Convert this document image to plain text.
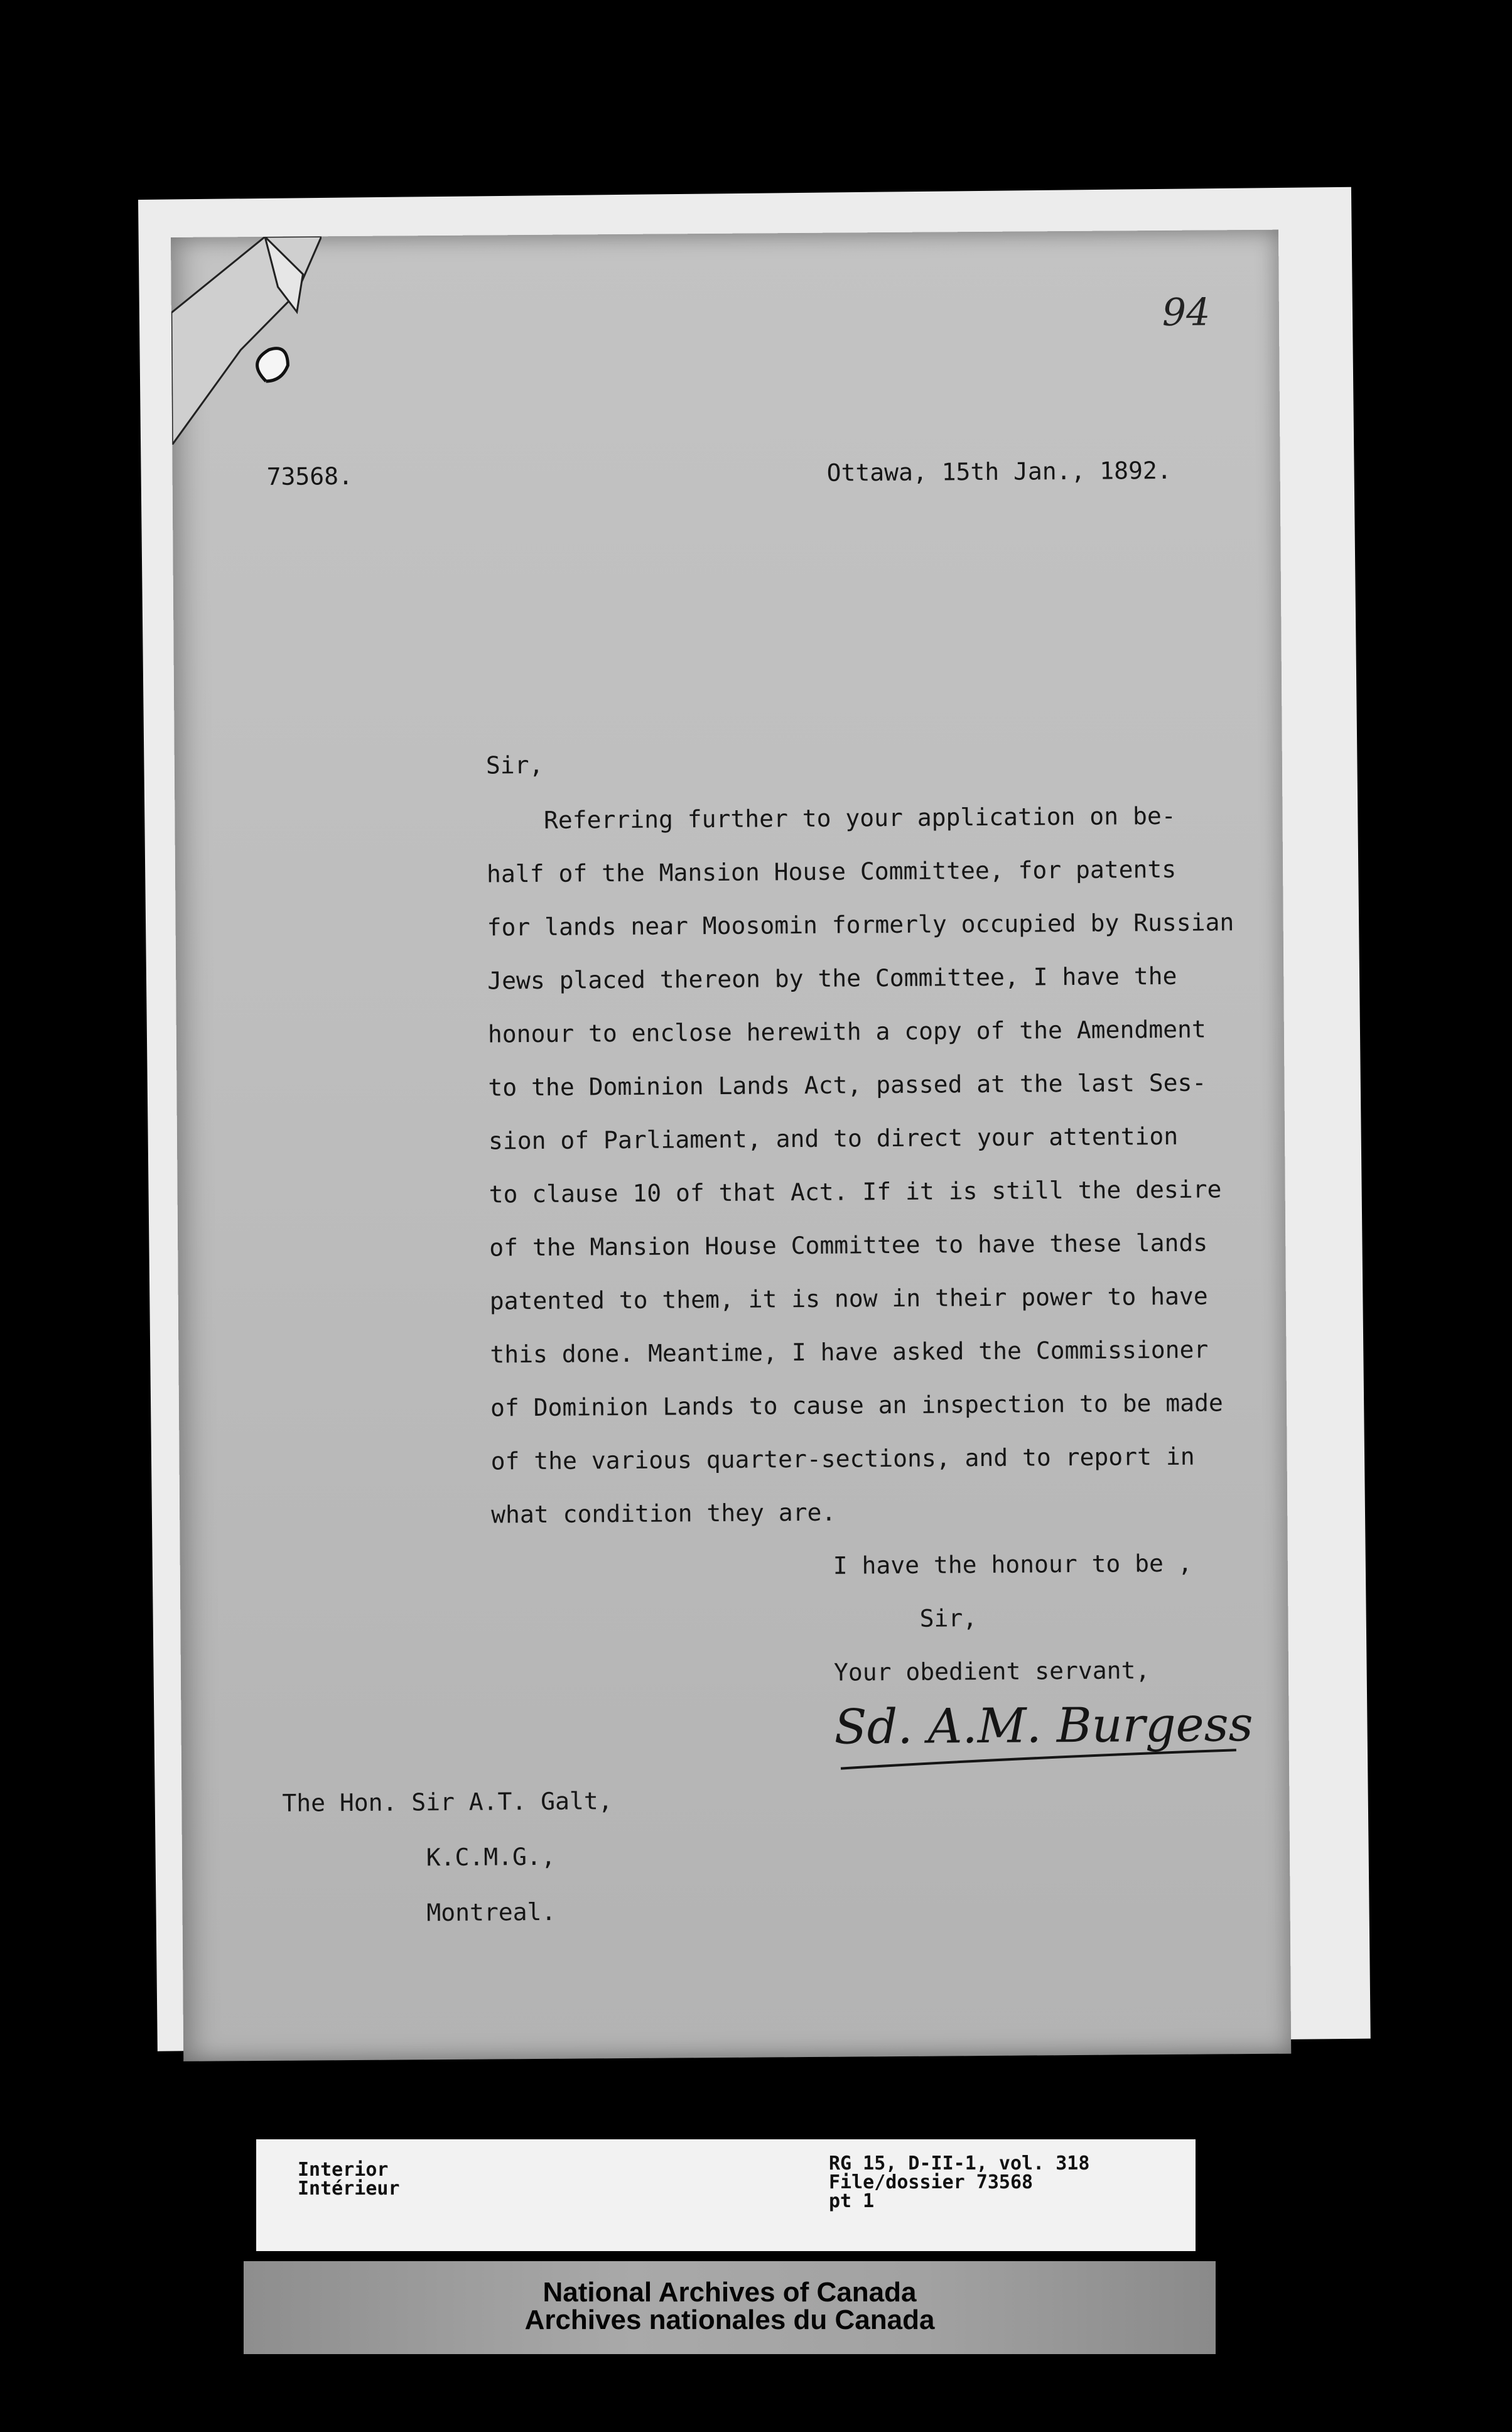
94
73568.	Ottawa, 15th Jan., 1892.
Sir,
Referring further to your application on be-
half of the Mansion House Committee, for patents
for lands near Moosomin formerly occupied by Russian
Jews placed thereon by the Committee, I have the
honour to enclose herewith a copy of the Amendment
to the Dominion Lands Act, passed at the last Ses-
sion of Parliament, and to direct your attention
to clause 10 of that Act. If it is still the desire
of the Mansion House Committee to have these lands
patented to them, it is now in their power to have
this done. Meantime, I have asked the Commissioner
of Dominion Lands to cause an inspection to be made
of the various quarter-sections, and to report in
what condition they are.
I have the honour to be ,
Sir,
Your obedient servant,
Sd. A.M. Burgess
The Hon. Sir A.T. Galt,
K.C.M.G.,
Montreal.
Interior
Intérieur
RG 15, D-II-1, vol. 318
File/dossier 73568
pt 1
National Archives of Canada
Archives nationales du Canada
